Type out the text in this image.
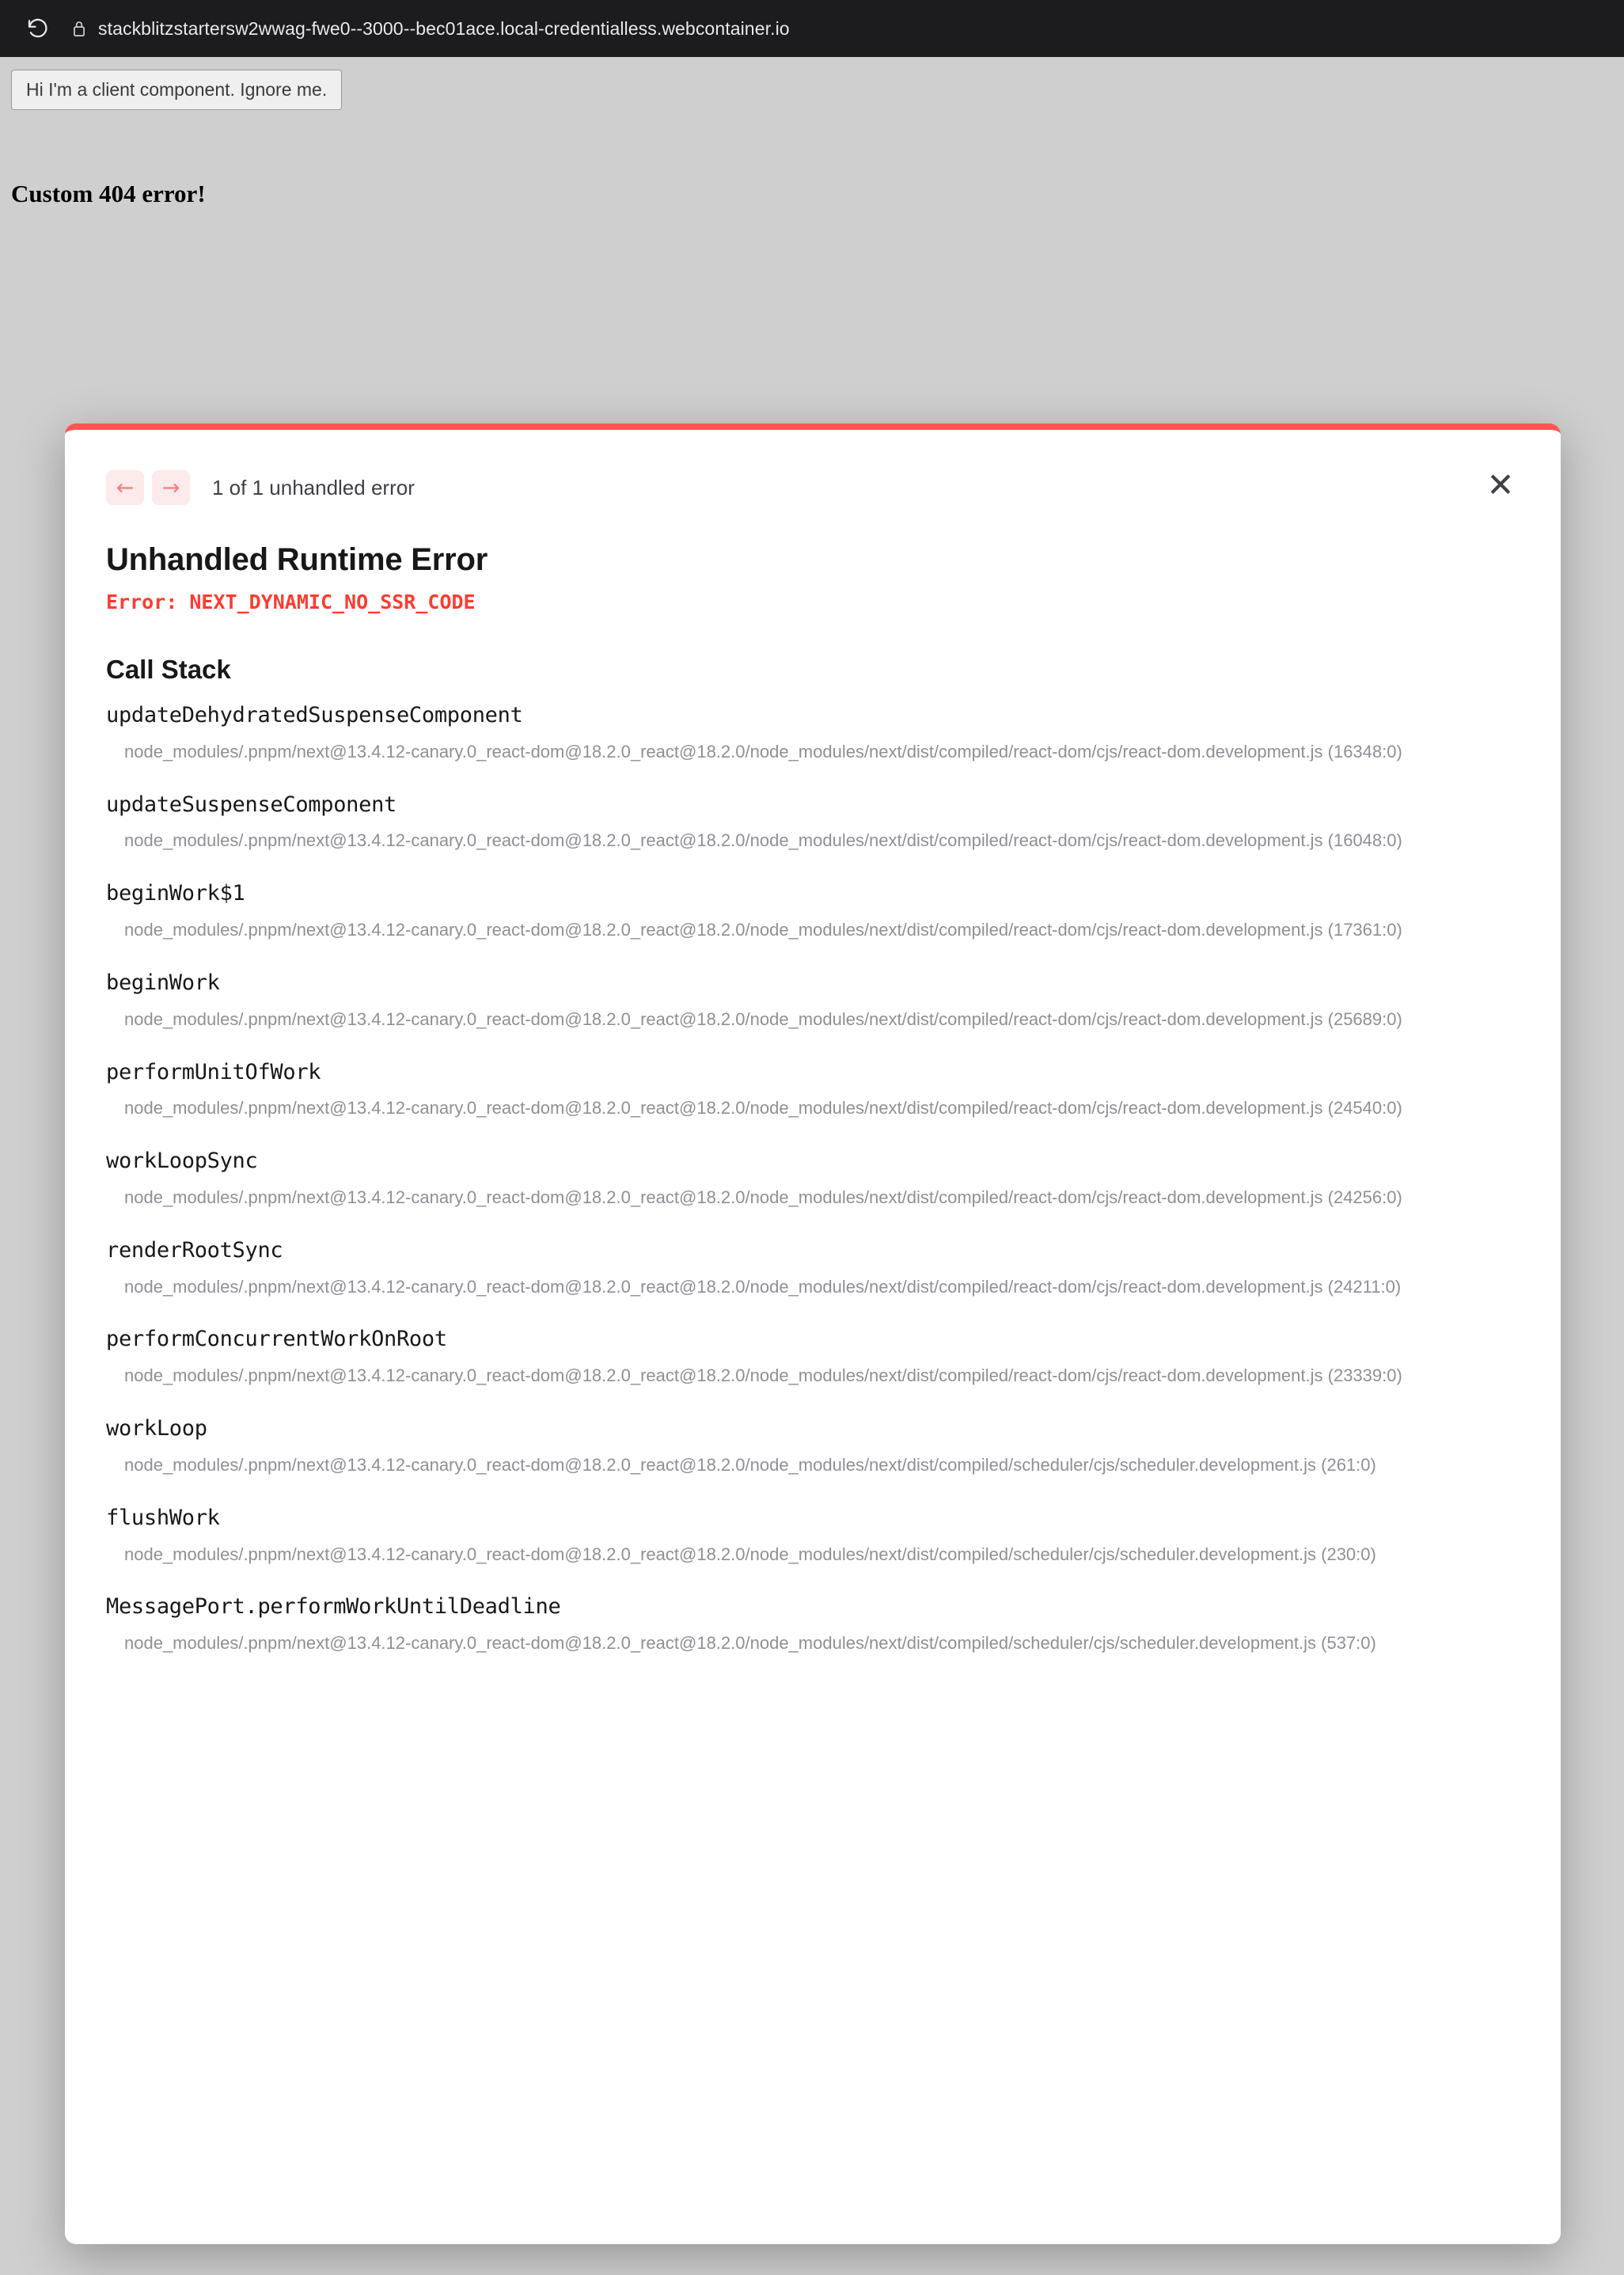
stackblitzstartersw2wwag-fwe0--3000--bec01ace.local-credentialless.webcontainer.io
Hi I'm a client component. Ignore me.
Custom 404 error!
←	→	1 of 1 unhandled error	✕
Unhandled Runtime Error
Error: NEXT_DYNAMIC_NO_SSR_CODE
Call Stack
updateDehydratedSuspenseComponent
node_modules/.pnpm/next@13.4.12-canary.0_react-dom@18.2.0_react@18.2.0/node_modules/next/dist/compiled/react-dom/cjs/react-dom.development.js (16348:0)
updateSuspenseComponent
node_modules/.pnpm/next@13.4.12-canary.0_react-dom@18.2.0_react@18.2.0/node_modules/next/dist/compiled/react-dom/cjs/react-dom.development.js (16048:0)
beginWork$1
node_modules/.pnpm/next@13.4.12-canary.0_react-dom@18.2.0_react@18.2.0/node_modules/next/dist/compiled/react-dom/cjs/react-dom.development.js (17361:0)
beginWork
node_modules/.pnpm/next@13.4.12-canary.0_react-dom@18.2.0_react@18.2.0/node_modules/next/dist/compiled/react-dom/cjs/react-dom.development.js (25689:0)
performUnitOfWork
node_modules/.pnpm/next@13.4.12-canary.0_react-dom@18.2.0_react@18.2.0/node_modules/next/dist/compiled/react-dom/cjs/react-dom.development.js (24540:0)
workLoopSync
node_modules/.pnpm/next@13.4.12-canary.0_react-dom@18.2.0_react@18.2.0/node_modules/next/dist/compiled/react-dom/cjs/react-dom.development.js (24256:0)
renderRootSync
node_modules/.pnpm/next@13.4.12-canary.0_react-dom@18.2.0_react@18.2.0/node_modules/next/dist/compiled/react-dom/cjs/react-dom.development.js (24211:0)
performConcurrentWorkOnRoot
node_modules/.pnpm/next@13.4.12-canary.0_react-dom@18.2.0_react@18.2.0/node_modules/next/dist/compiled/react-dom/cjs/react-dom.development.js (23339:0)
workLoop
node_modules/.pnpm/next@13.4.12-canary.0_react-dom@18.2.0_react@18.2.0/node_modules/next/dist/compiled/scheduler/cjs/scheduler.development.js (261:0)
flushWork
node_modules/.pnpm/next@13.4.12-canary.0_react-dom@18.2.0_react@18.2.0/node_modules/next/dist/compiled/scheduler/cjs/scheduler.development.js (230:0)
MessagePort.performWorkUntilDeadline
node_modules/.pnpm/next@13.4.12-canary.0_react-dom@18.2.0_react@18.2.0/node_modules/next/dist/compiled/scheduler/cjs/scheduler.development.js (537:0)
